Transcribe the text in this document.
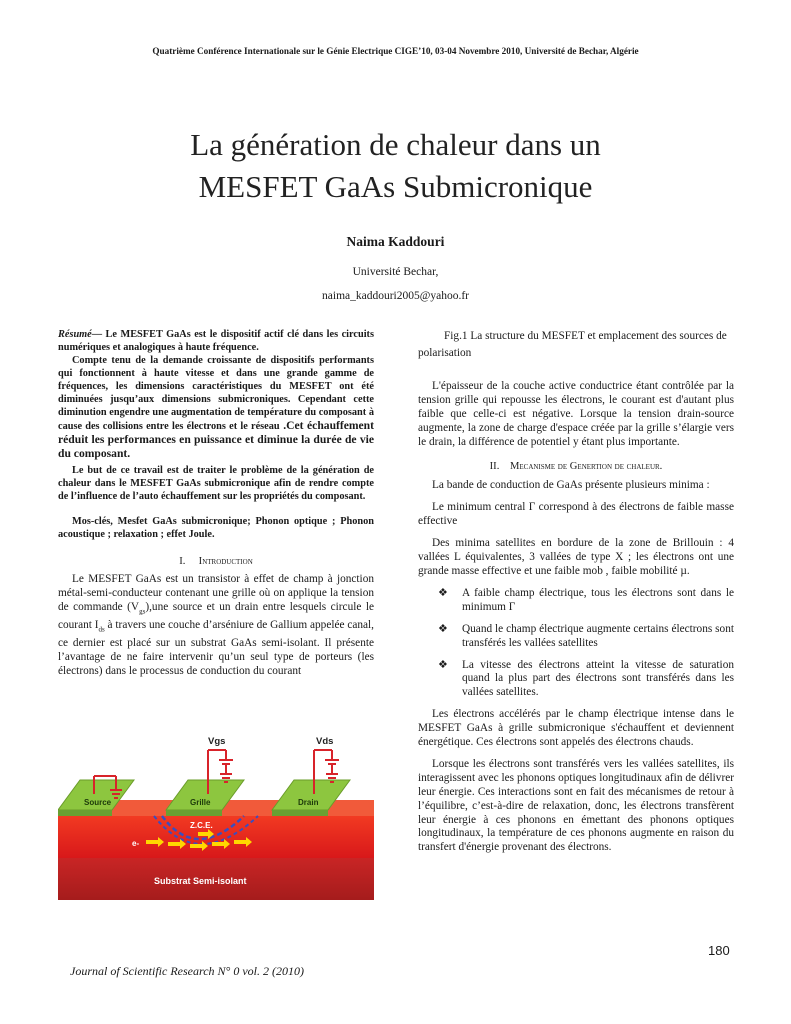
Quatrième Conférence Internationale sur le Génie Electrique CIGE’10, 03-04 Novembre 2010, Université de Bechar, Algérie
La génération de chaleur dans un
MESFET GaAs Submicronique
Naima Kaddouri
Université Bechar,
naima_kaddouri2005@yahoo.fr

Résumé— Le MESFET GaAs est le dispositif actif clé dans les circuits numériques et analogiques à haute fréquence.

Compte tenu de la demande croissante de dispositifs performants qui fonctionnent à haute vitesse et dans une grande gamme de fréquences, les dimensions caractéristiques du MESFET ont été diminuées jusqu’aux dimensions submicroniques. Cependant cette diminution engendre une augmentation de température du composant à cause des collisions entre les électrons et le réseau .Cet échauffement réduit les performances en puissance et diminue la durée de vie du composant.

Le but de ce travail est de traiter le problème de la génération de chaleur dans le MESFET GaAs submicronique afin de rendre compte de l’influence de l’auto échauffement sur les propriétés du composant.

Mos-clés, Mesfet GaAs submicronique; Phonon optique ; Phonon acoustique ; relaxation ; effet Joule.

I. Introduction

Le MESFET GaAs est un transistor à effet de champ à jonction métal-semi-conducteur contenant une grille où on applique la tension de commande $(V_{gs}),une$ source et un drain entre lesquels circule le courant $I_{ds}$ à travers une couche d’arséniure de Gallium appelée canal, ce dernier est placé sur un substrat GaAs semi-isolant. Il présente l’avantage de ne faire intervenir qu’un seul type de porteurs (les électrons) dans le processus de conduction du courant

Vgs	Vds
Source	Grille	Drain
Z.C.E.
e-
Substrat Semi-isolant

Fig.1 La structure du MESFET et emplacement des sources de polarisation

L'épaisseur de la couche active conductrice étant contrôlée par la tension grille qui repousse les électrons, le courant est d'autant plus faible que celle-ci est négative. Lorsque la tension drain-source augmente, la zone de charge d'espace créée par la grille s’élargie vers le drain, la différence de potentiel y étant plus importante.

II. Mecanisme de Genertion de chaleur.

La bande de conduction de GaAs présente plusieurs minima :

Le minimum central Γ correspond à des électrons de faible masse effective

Des minima satellites en bordure de la zone de Brillouin : 4 vallées L équivalentes, 3 vallées de type X ; les électrons ont une grande masse effective et une faible mob , faible mobilité µ.

❖ A faible champ électrique, tous les électrons sont dans le minimum Γ
❖ Quand le champ électrique augmente certains électrons sont transférés les vallées satellites
❖ La vitesse des électrons atteint la vitesse de saturation quand la plus part des électrons sont transférés dans les vallées satellites.

Les électrons accélérés par le champ électrique intense dans le MESFET GaAs à grille submicronique s'échauffent et deviennent énergétique. Ces électrons sont appelés des électrons chauds.

Lorsque les électrons sont transférés vers les vallées satellites, ils interagissent avec les phonons optiques longitudinaux afin de délivrer leur énergie. Ces interactions sont en fait des mécanismes de retour à l’équilibre, c’est-à-dire de relaxation, donc, les électrons transfèrent leur énergie à ces phonons en émettant des phonons optiques longitudinaux, la température de ces phonons augmente en raison du transfert d'énergie provenant des électrons.

180
Journal of Scientific Research N° 0 vol. 2 (2010)
